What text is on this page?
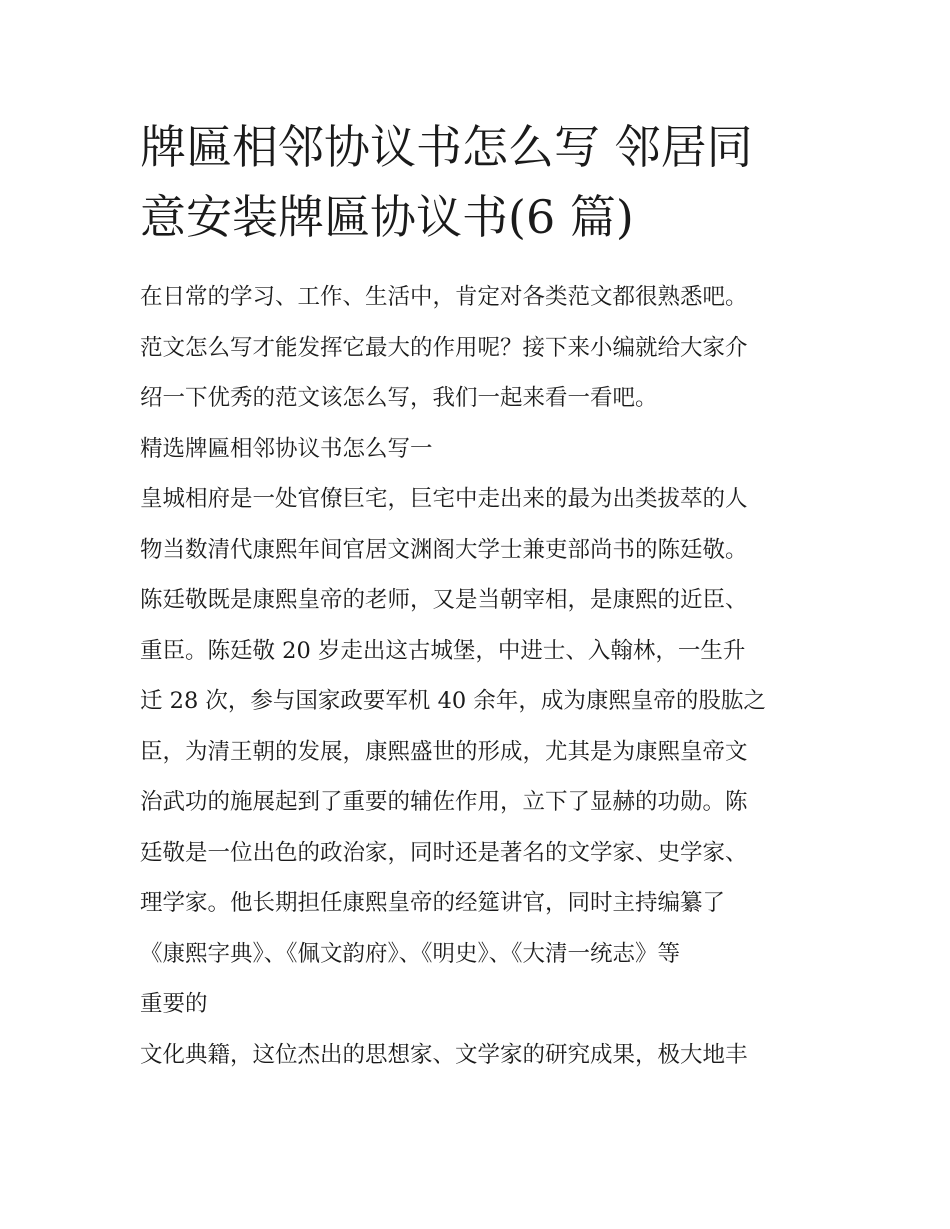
牌匾相邻协议书怎么写 邻居同
意安装牌匾协议书(6 篇)
在日常的学习、工作、生活中，肯定对各类范文都很熟悉吧。
范文怎么写才能发挥它最大的作用呢？接下来小编就给大家介
绍一下优秀的范文该怎么写，我们一起来看一看吧。
精选牌匾相邻协议书怎么写一
皇城相府是一处官僚巨宅，巨宅中走出来的最为出类拔萃的人
物当数清代康熙年间官居文渊阁大学士兼吏部尚书的陈廷敬。
陈廷敬既是康熙皇帝的老师，又是当朝宰相，是康熙的近臣、
重臣。陈廷敬 20 岁走出这古城堡，中进士、入翰林，一生升
迁 28 次，参与国家政要军机 40 余年，成为康熙皇帝的股肱之
臣，为清王朝的发展，康熙盛世的形成，尤其是为康熙皇帝文
治武功的施展起到了重要的辅佐作用，立下了显赫的功勋。陈
廷敬是一位出色的政治家，同时还是著名的文学家、史学家、
理学家。他长期担任康熙皇帝的经筵讲官，同时主持编纂了
《康熙字典》、《佩文韵府》、《明史》、《大清一统志》等
重要的
文化典籍，这位杰出的思想家、文学家的研究成果，极大地丰
